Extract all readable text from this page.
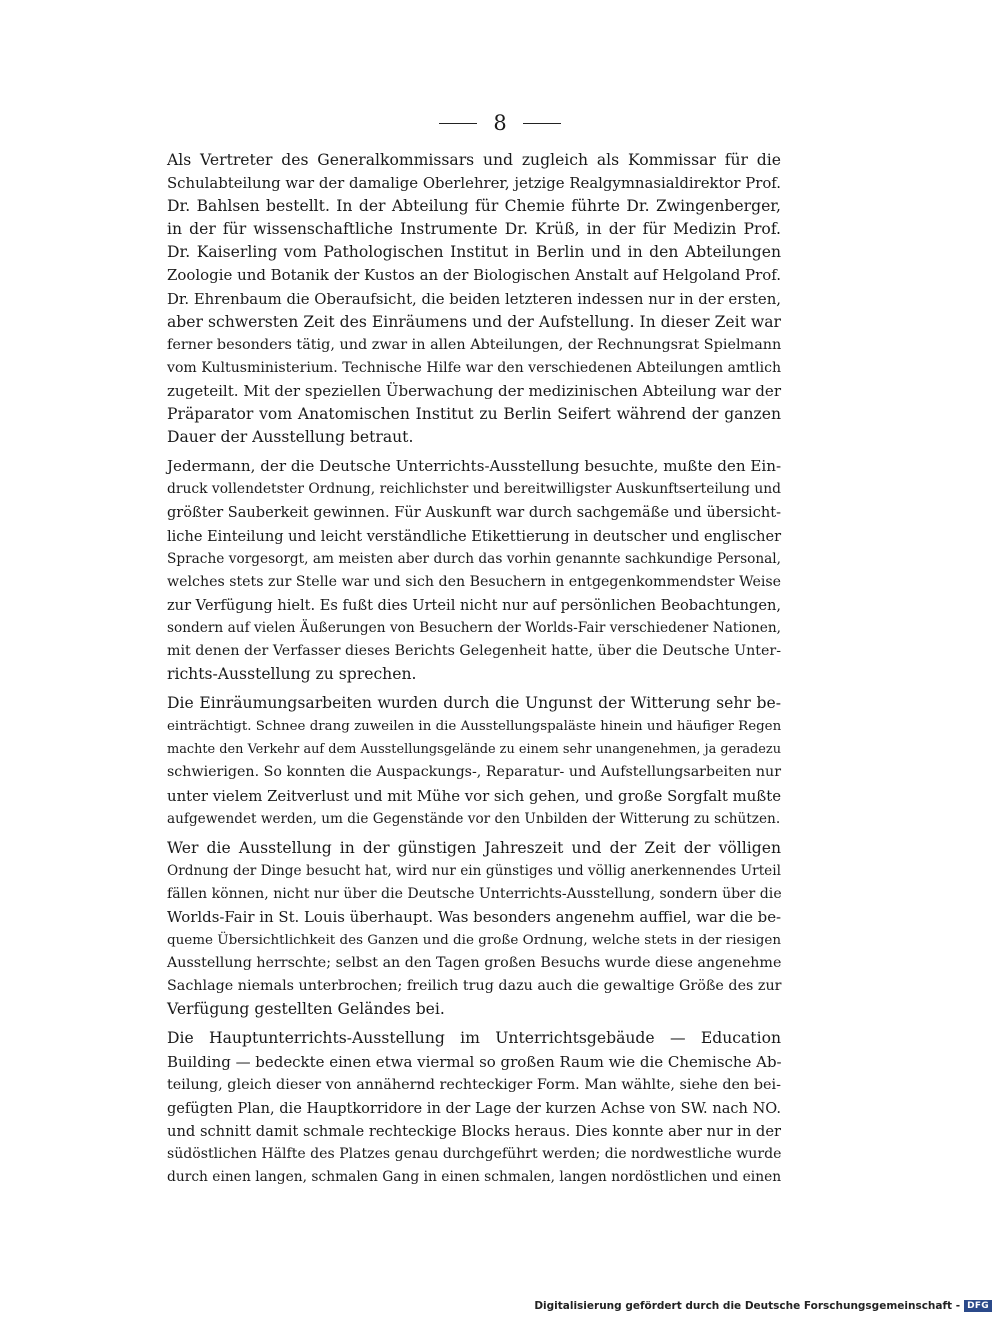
8
Als Vertreter des Generalkommissars und zugleich als Kommissar für die
Schulabteilung war der damalige Oberlehrer, jetzige Realgymnasialdirektor Prof.
Dr. Bahlsen bestellt. In der Abteilung für Chemie führte Dr. Zwingenberger,
in der für wissenschaftliche Instrumente Dr. Krüß, in der für Medizin Prof.
Dr. Kaiserling vom Pathologischen Institut in Berlin und in den Abteilungen
Zoologie und Botanik der Kustos an der Biologischen Anstalt auf Helgoland Prof.
Dr. Ehrenbaum die Oberaufsicht, die beiden letzteren indessen nur in der ersten,
aber schwersten Zeit des Einräumens und der Aufstellung. In dieser Zeit war
ferner besonders tätig, und zwar in allen Abteilungen, der Rechnungsrat Spielmann
vom Kultusministerium. Technische Hilfe war den verschiedenen Abteilungen amtlich
zugeteilt. Mit der speziellen Überwachung der medizinischen Abteilung war der
Präparator vom Anatomischen Institut zu Berlin Seifert während der ganzen
Dauer der Ausstellung betraut.
Jedermann, der die Deutsche Unterrichts-Ausstellung besuchte, mußte den Ein-
druck vollendetster Ordnung, reichlichster und bereitwilligster Auskunftserteilung und
größter Sauberkeit gewinnen. Für Auskunft war durch sachgemäße und übersicht-
liche Einteilung und leicht verständliche Etikettierung in deutscher und englischer
Sprache vorgesorgt, am meisten aber durch das vorhin genannte sachkundige Personal,
welches stets zur Stelle war und sich den Besuchern in entgegenkommendster Weise
zur Verfügung hielt. Es fußt dies Urteil nicht nur auf persönlichen Beobachtungen,
sondern auf vielen Äußerungen von Besuchern der Worlds-Fair verschiedener Nationen,
mit denen der Verfasser dieses Berichts Gelegenheit hatte, über die Deutsche Unter-
richts-Ausstellung zu sprechen.
Die Einräumungsarbeiten wurden durch die Ungunst der Witterung sehr be-
einträchtigt. Schnee drang zuweilen in die Ausstellungspaläste hinein und häufiger Regen
machte den Verkehr auf dem Ausstellungsgelände zu einem sehr unangenehmen, ja geradezu
schwierigen. So konnten die Auspackungs-, Reparatur- und Aufstellungsarbeiten nur
unter vielem Zeitverlust und mit Mühe vor sich gehen, und große Sorgfalt mußte
aufgewendet werden, um die Gegenstände vor den Unbilden der Witterung zu schützen.
Wer die Ausstellung in der günstigen Jahreszeit und der Zeit der völligen
Ordnung der Dinge besucht hat, wird nur ein günstiges und völlig anerkennendes Urteil
fällen können, nicht nur über die Deutsche Unterrichts-Ausstellung, sondern über die
Worlds-Fair in St. Louis überhaupt. Was besonders angenehm auffiel, war die be-
queme Übersichtlichkeit des Ganzen und die große Ordnung, welche stets in der riesigen
Ausstellung herrschte; selbst an den Tagen großen Besuchs wurde diese angenehme
Sachlage niemals unterbrochen; freilich trug dazu auch die gewaltige Größe des zur
Verfügung gestellten Geländes bei.
Die Hauptunterrichts-Ausstellung im Unterrichtsgebäude — Education
Building — bedeckte einen etwa viermal so großen Raum wie die Chemische Ab-
teilung, gleich dieser von annähernd rechteckiger Form. Man wählte, siehe den bei-
gefügten Plan, die Hauptkorridore in der Lage der kurzen Achse von SW. nach NO.
und schnitt damit schmale rechteckige Blocks heraus. Dies konnte aber nur in der
südöstlichen Hälfte des Platzes genau durchgeführt werden; die nordwestliche wurde
durch einen langen, schmalen Gang in einen schmalen, langen nordöstlichen und einen
Digitalisierung gefördert durch die Deutsche Forschungsgemeinschaft - DFG
